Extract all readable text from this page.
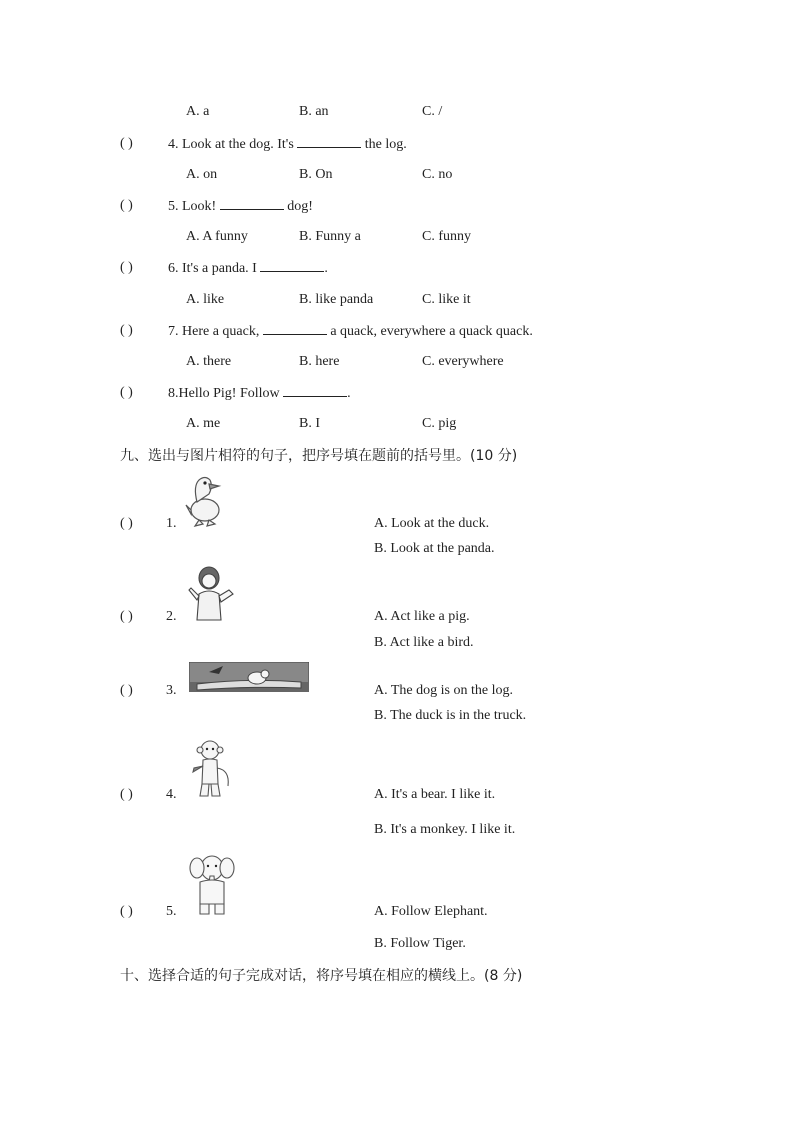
A. a	B. an	C. /
( )	4. Look at the dog. It's	the log.
A. on	B. On	C. no
( )	5. Look!	dog!
A. A funny	B. Funny a	C. funny
( )	6. It's a panda. I	.
A. like	B. like panda	C. like it
( )	7. Here a quack,	a quack, everywhere a quack quack.
A. there	B. here	C. everywhere
( )	8.Hello Pig! Follow	.
A. me	B. I	C. pig
九、选出与图片相符的句子，把序号填在题前的括号里。(10 分)
( ) 1.	A. Look at the duck.
B. Look at the panda.
( ) 2.	A. Act like a pig.
B. Act like a bird.
( ) 3.	A. The dog is on the log.
B. The duck is in the truck.
( ) 4.	A. It's a bear. I like it.
B. It's a monkey. I like it.
( ) 5.	A. Follow Elephant.
B. Follow Tiger.
十、选择合适的句子完成对话，将序号填在相应的横线上。(8 分)
